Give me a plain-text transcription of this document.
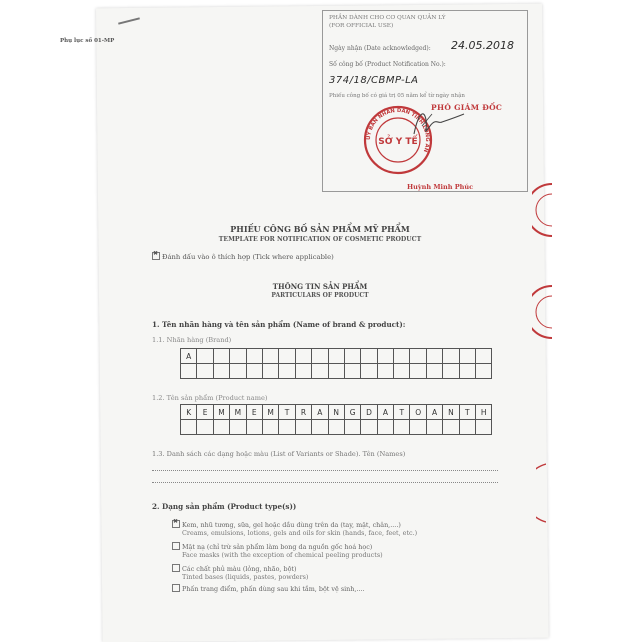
Phụ lục số 01-MP
PHẦN DÀNH CHO CƠ QUAN QUẢN LÝ
(FOR OFFICIAL USE)
Ngày nhận (Date acknowledged): 24.05.2018
Số công bố (Product Notification No.):
374/18/CBMP-LA
Phiếu công bố có giá trị 05 năm kể từ ngày nhận
PHÓ GIÁM ĐỐC
Huỳnh Minh Phúc
ỦY BAN NHÂN DÂN TỈNH LONG AN
SỞ Y TẾ
PHIẾU CÔNG BỐ SẢN PHẨM MỸ PHẨM
TEMPLATE FOR NOTIFICATION OF COSMETIC PRODUCT
✖Đánh dấu vào ô thích hợp (Tick where applicable)
THÔNG TIN SẢN PHẨM
PARTICULARS OF PRODUCT
1. Tên nhãn hàng và tên sản phẩm (Name of brand & product):
1.1. Nhãn hàng (Brand)
A
1.2. Tên sản phẩm (Product name)
K	E	M	M	E	M	T	R	A	N	G	D	A	T	O	A	N	T	H
1.3. Danh sách các dạng hoặc màu (List of Variants or Shade). Tên (Names)
2. Dạng sản phẩm (Product type(s))
✖Kem, nhũ tương, sữa, gel hoặc dầu dùng trên da (tay, mặt, chân,....)
Creams, emulsions, lotions, gels and oils for skin (hands, face, feet, etc.)
Mặt nạ (chỉ trừ sản phẩm làm bong da nguồn gốc hoá học)
Face masks (with the exception of chemical peeling products)
Các chất phủ màu (lỏng, nhão, bột)
Tinted bases (liquids, pastes, powders)
Phấn trang điểm, phấn dùng sau khi tắm, bột vệ sinh,....
